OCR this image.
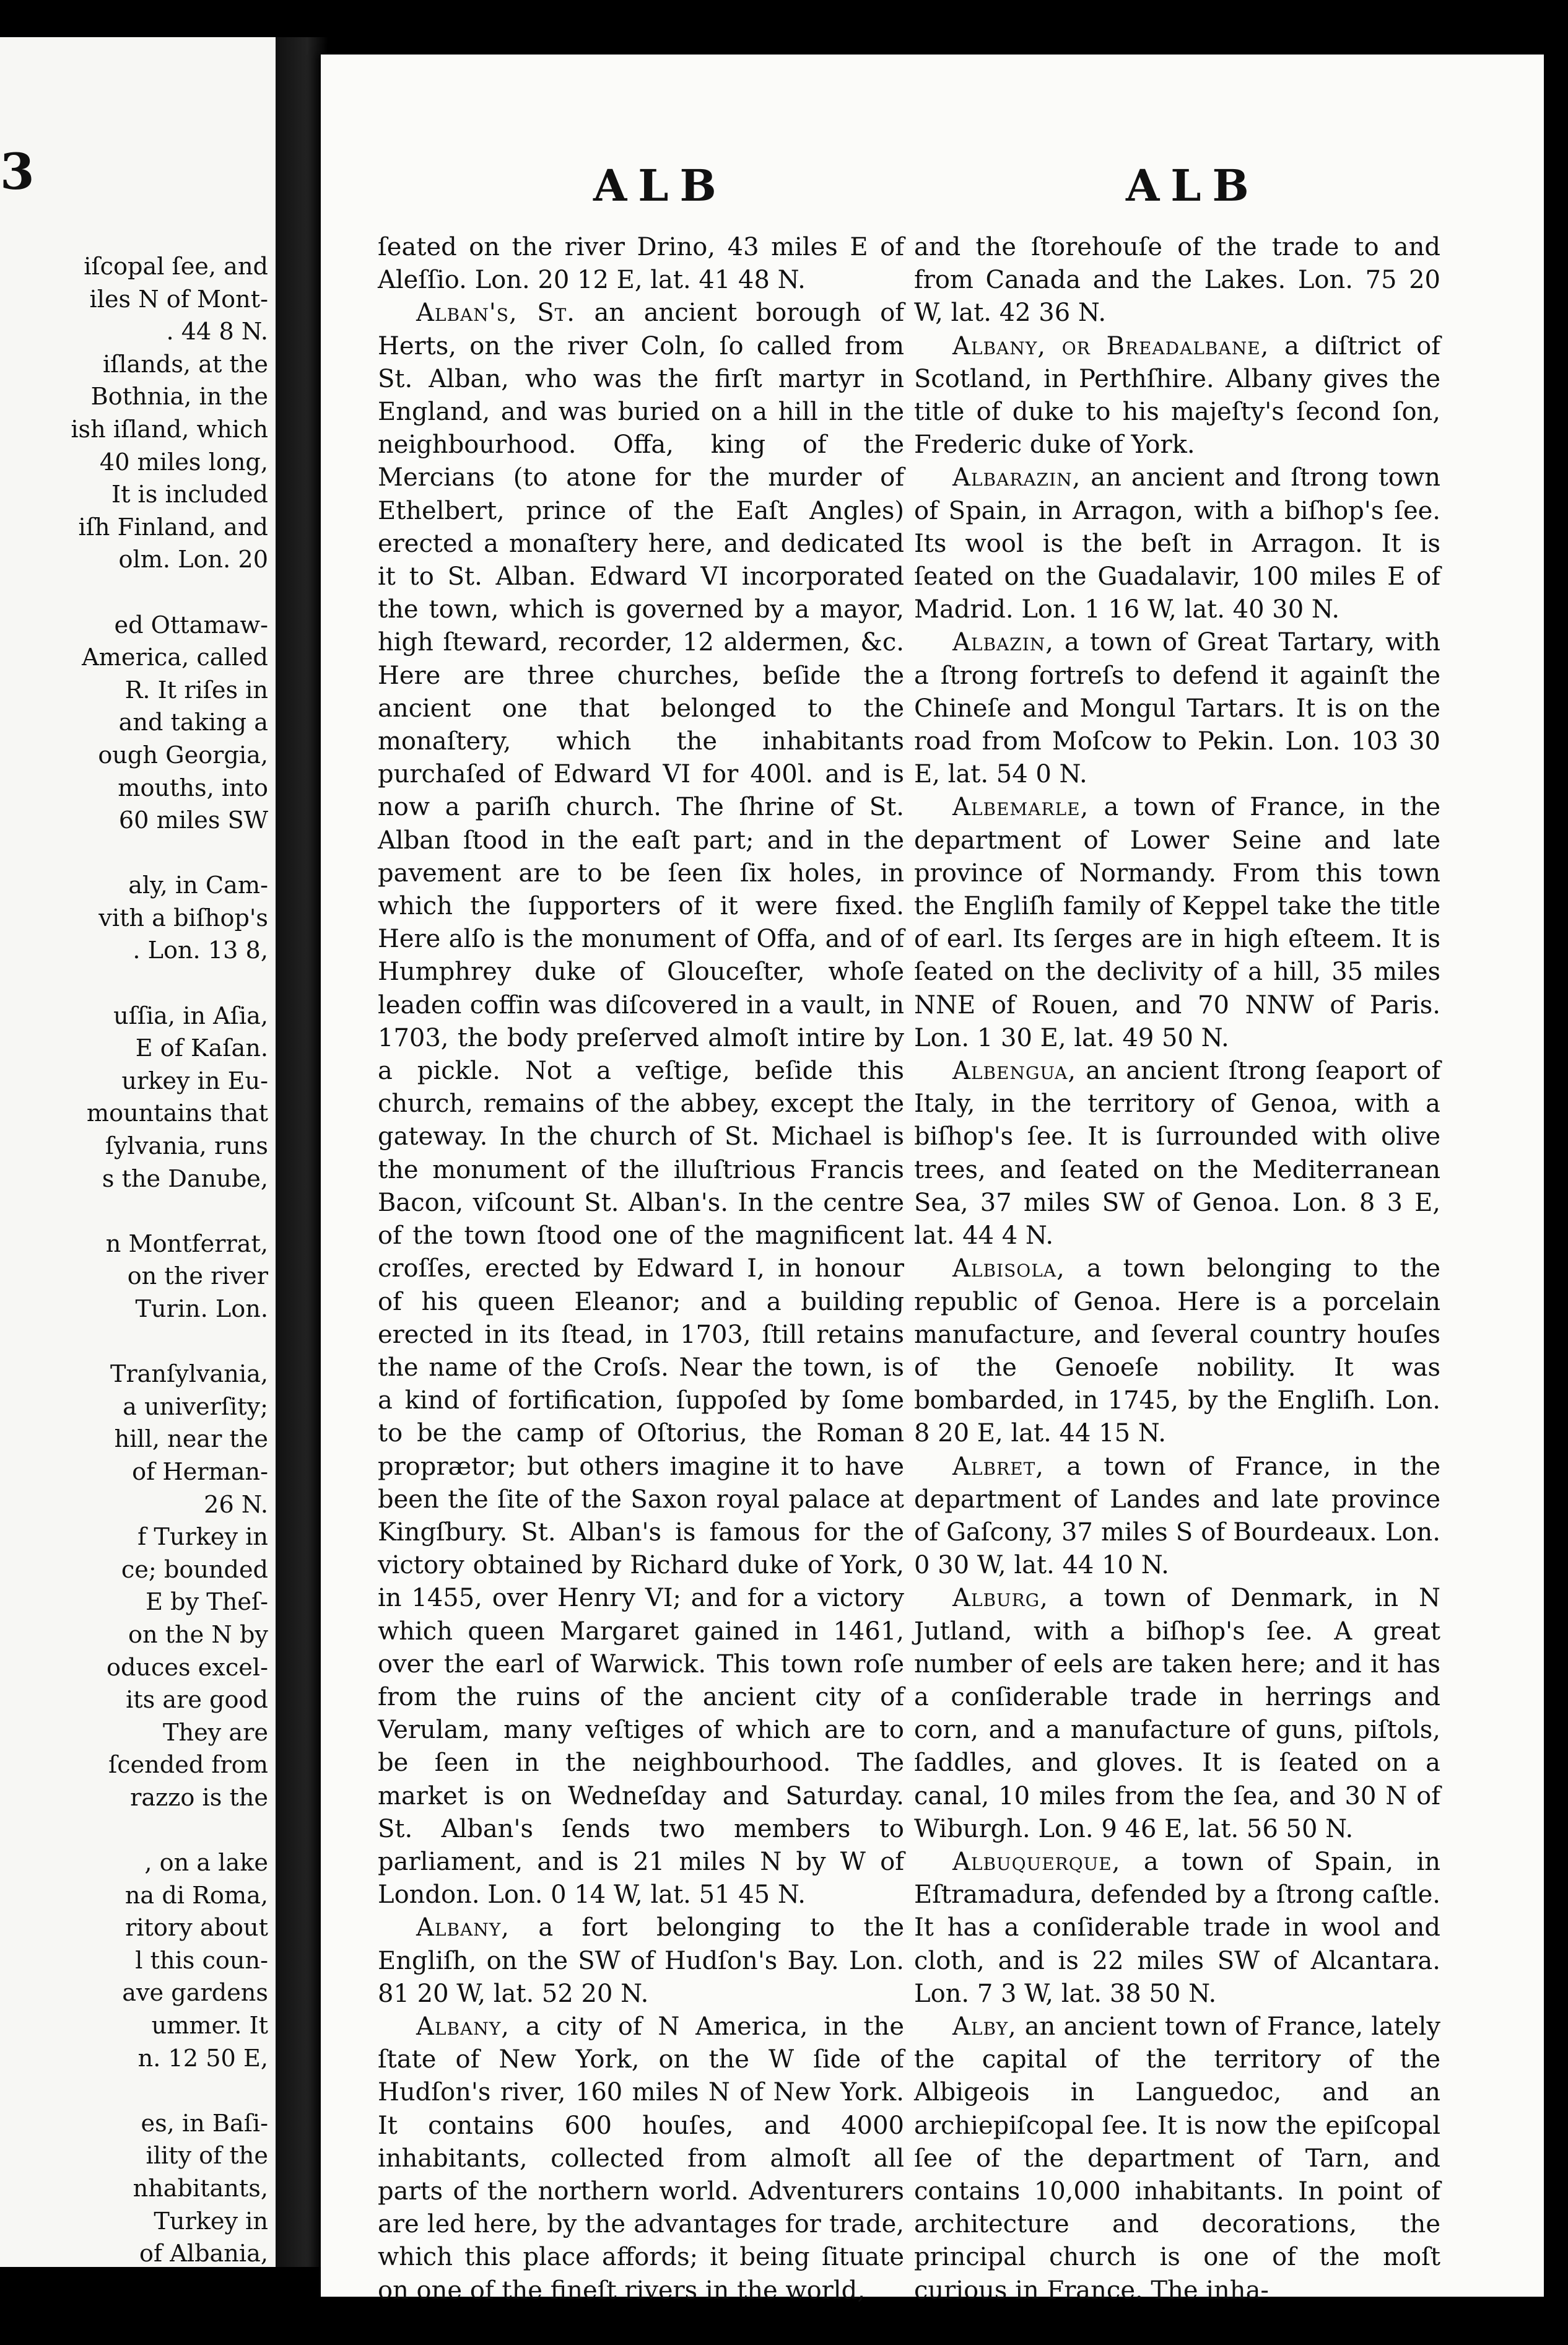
3
iſcopal ſee, and
iles N of Mont-
. 44 8 N.
iſlands, at the
Bothnia, in the
ish iſland, which
40 miles long,
It is included
iſh Finland, and
olm. Lon. 20
ed Ottamaw-
America, called
R. It riſes in
and taking a
ough Georgia,
mouths, into
60 miles SW
aly, in Cam-
vith a biſhop's
. Lon. 13 8,
uſſia, in Aſia,
E of Kaſan.
urkey in Eu-
mountains that
ſylvania, runs
s the Danube,
n Montferrat,
on the river
Turin. Lon.
Tranſylvania,
a univerſity;
hill, near the
of Herman-
26 N.
f Turkey in
ce; bounded
E by Theſ-
on the N by
oduces excel-
its are good
They are
ſcended from
razzo is the
, on a lake
na di Roma,
ritory about
l this coun-
ave gardens
ummer. It
n. 12 50 E,
es, in Baſi-
ility of the
nhabitants,
Turkey in
of Albania,
ALB	ALB

ſeated on the river Drino, 43 miles E of Aleſſio. Lon. 20 12 E, lat. 41 48 N.

Alban's, St. an ancient borough of Herts, on the river Coln, ſo called from St. Alban, who was the firſt martyr in England, and was buried on a hill in the neighbourhood. Offa, king of the Mercians (to atone for the murder of Ethelbert, prince of the Eaſt Angles) erected a monaſtery here, and dedicated it to St. Alban. Edward VI incorporated the town, which is governed by a mayor, high ſteward, recorder, 12 aldermen, &c. Here are three churches, beſide the ancient one that belonged to the monaſtery, which the inhabitants purchaſed of Edward VI for 400l. and is now a pariſh church. The ſhrine of St. Alban ſtood in the eaſt part; and in the pavement are to be ſeen ſix holes, in which the ſupporters of it were fixed. Here alſo is the monument of Offa, and of Humphrey duke of Glouceſter, whoſe leaden coffin was diſcovered in a vault, in 1703, the body preſerved almoſt intire by a pickle. Not a veſtige, beſide this church, remains of the abbey, except the gateway. In the church of St. Michael is the monument of the illuſtrious Francis Bacon, viſcount St. Alban's. In the centre of the town ſtood one of the magnificent croſſes, erected by Edward I, in honour of his queen Eleanor; and a building erected in its ſtead, in 1703, ſtill retains the name of the Croſs. Near the town, is a kind of fortification, ſuppoſed by ſome to be the camp of Oſtorius, the Roman proprætor; but others imagine it to have been the ſite of the Saxon royal palace at Kingſbury. St. Alban's is famous for the victory obtained by Richard duke of York, in 1455, over Henry VI; and for a victory which queen Margaret gained in 1461, over the earl of Warwick. This town roſe from the ruins of the ancient city of Verulam, many veſtiges of which are to be ſeen in the neighbourhood. The market is on Wedneſday and Saturday. St. Alban's ſends two members to parliament, and is 21 miles N by W of London. Lon. 0 14 W, lat. 51 45 N.

Albany, a fort belonging to the Engliſh, on the SW of Hudſon's Bay. Lon. 81 20 W, lat. 52 20 N.

Albany, a city of N America, in the ſtate of New York, on the W ſide of Hudſon's river, 160 miles N of New York. It contains 600 houſes, and 4000 inhabitants, collected from almoſt all parts of the northern world. Adventurers are led here, by the advantages for trade, which this place affords; it being ſituate on one of the fineſt rivers in the world,

and the ſtorehouſe of the trade to and from Canada and the Lakes. Lon. 75 20 W, lat. 42 36 N.

Albany, or Breadalbane, a diſtrict of Scotland, in Perthſhire. Albany gives the title of duke to his majeſty's ſecond ſon, Frederic duke of York.

Albarazin, an ancient and ſtrong town of Spain, in Arragon, with a biſhop's ſee. Its wool is the beſt in Arragon. It is ſeated on the Guadalavir, 100 miles E of Madrid. Lon. 1 16 W, lat. 40 30 N.

Albazin, a town of Great Tartary, with a ſtrong fortreſs to defend it againſt the Chineſe and Mongul Tartars. It is on the road from Moſcow to Pekin. Lon. 103 30 E, lat. 54 0 N.

Albemarle, a town of France, in the department of Lower Seine and late province of Normandy. From this town the Engliſh family of Keppel take the title of earl. Its ſerges are in high eſteem. It is ſeated on the declivity of a hill, 35 miles NNE of Rouen, and 70 NNW of Paris. Lon. 1 30 E, lat. 49 50 N.

Albengua, an ancient ſtrong ſeaport of Italy, in the territory of Genoa, with a biſhop's ſee. It is ſurrounded with olive trees, and ſeated on the Mediterranean Sea, 37 miles SW of Genoa. Lon. 8 3 E, lat. 44 4 N.

Albisola, a town belonging to the republic of Genoa. Here is a porcelain manufacture, and ſeveral country houſes of the Genoeſe nobility. It was bombarded, in 1745, by the Engliſh. Lon. 8 20 E, lat. 44 15 N.

Albret, a town of France, in the department of Landes and late province of Gaſcony, 37 miles S of Bourdeaux. Lon. 0 30 W, lat. 44 10 N.

Alburg, a town of Denmark, in N Jutland, with a biſhop's ſee. A great number of eels are taken here; and it has a conſiderable trade in herrings and corn, and a manufacture of guns, piſtols, ſaddles, and gloves. It is ſeated on a canal, 10 miles from the ſea, and 30 N of Wiburgh. Lon. 9 46 E, lat. 56 50 N.

Albuquerque, a town of Spain, in Eſtramadura, defended by a ſtrong caſtle. It has a conſiderable trade in wool and cloth, and is 22 miles SW of Alcantara. Lon. 7 3 W, lat. 38 50 N.

Alby, an ancient town of France, lately the capital of the territory of the Albigeois in Languedoc, and an archiepiſcopal ſee. It is now the epiſcopal ſee of the department of Tarn, and contains 10,000 inhabitants. In point of architecture and decorations, the principal church is one of the moſt curious in France. The inha-
